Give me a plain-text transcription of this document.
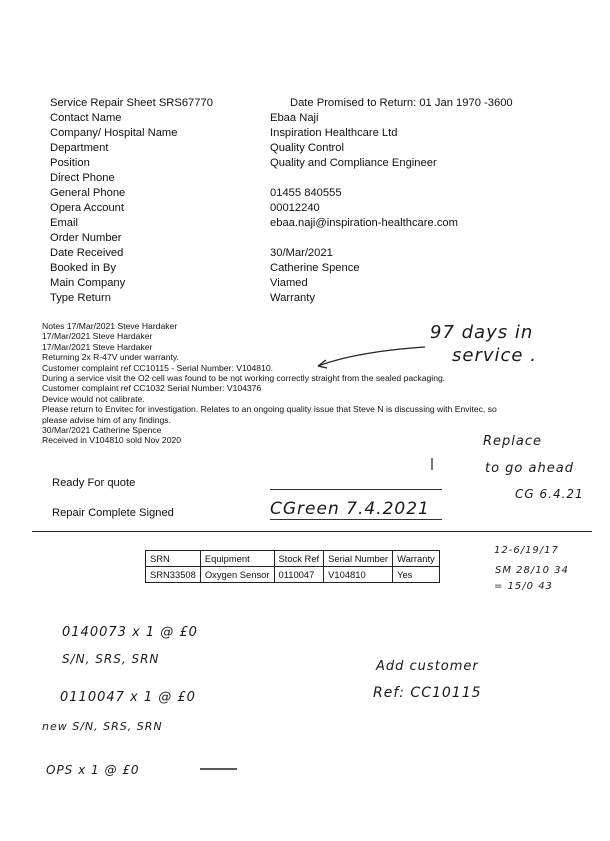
Service Repair Sheet SRS67770	Date Promised to Return: 01 Jan 1970 -3600
Contact Name	Ebaa Naji
Company/ Hospital Name	Inspiration Healthcare Ltd
Department	Quality Control
Position	Quality and Compliance Engineer
Direct Phone
General Phone	01455 840555
Opera Account	00012240
Email	ebaa.naji@inspiration-healthcare.com
Order Number
Date Received	30/Mar/2021
Booked in By	Catherine Spence
Main Company	Viamed
Type Return	Warranty
Notes 17/Mar/2021 Steve Hardaker
17/Mar/2021 Steve Hardaker
17/Mar/2021 Steve Hardaker
Returning 2x R-47V under warranty.
Customer complaint ref CC10115 - Serial Number: V104810.
During a service visit the O2 cell was found to be not working correctly straight from the sealed packaging.
Customer complaint ref CC1032 Serial Number: V104376
Device would not calibrate.
Please return to Envitec for investigation. Relates to an ongoing quality issue that Steve N is discussing with Envitec, so
please advise him of any findings.
30/Mar/2021 Catherine Spence
Received in V104810 sold Nov 2020
Ready For quote
Repair Complete Signed
SRN	Equipment	Stock Ref	Serial Number	Warranty
SRN33508	Oxygen Sensor	0110047	V104810	Yes
97 days in
service .
Replace
to go ahead
CG 6.4.21
CGreen 7.4.2021
12-6/19/17
SM 28/10 34
= 15/0 43
0140073 x 1 @ £0
S/N, SRS, SRN	Add customer
Ref: CC10115
0110047 x 1 @ £0
new S/N, SRS, SRN
OPS x 1 @ £0
